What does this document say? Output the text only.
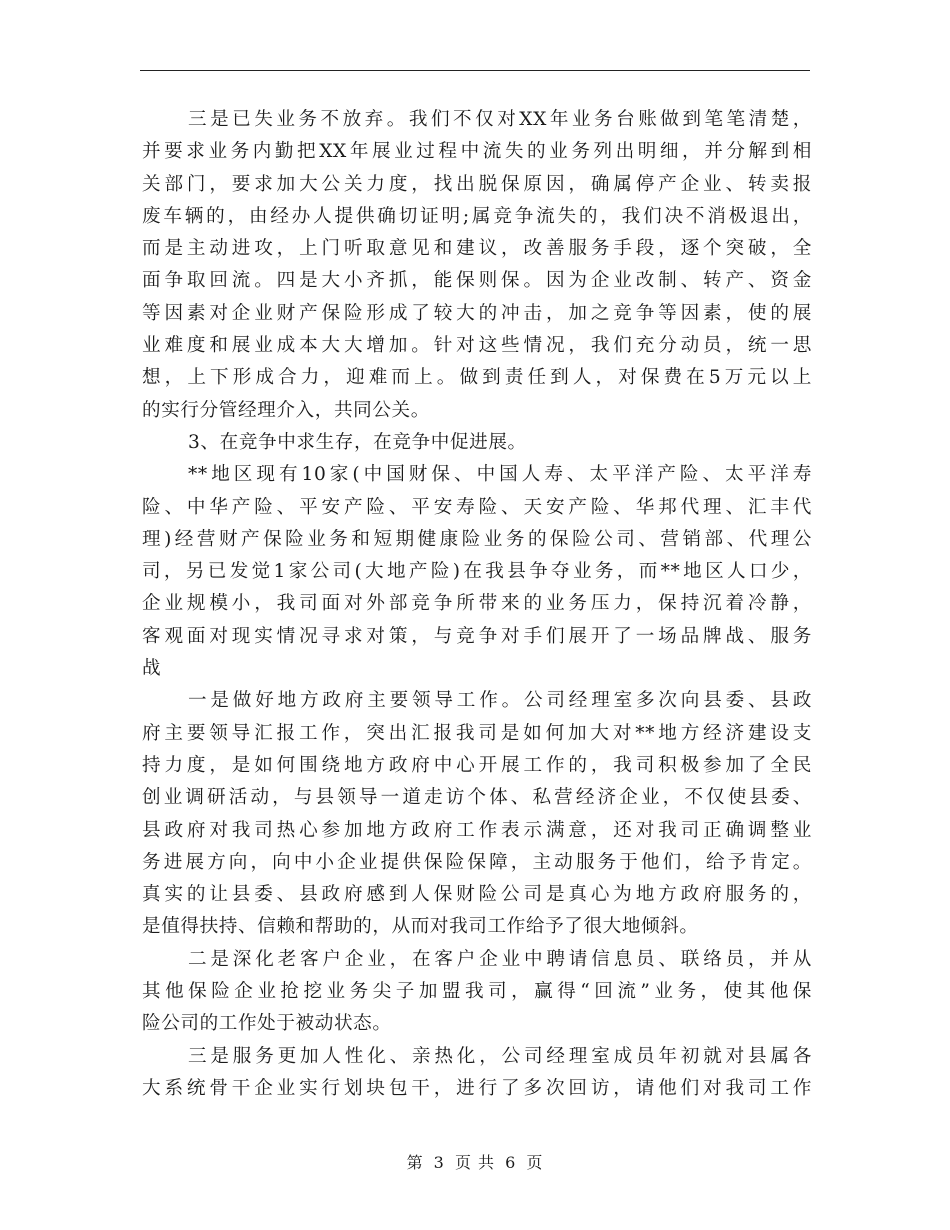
三是已失业务不放弃。我们不仅对XX年业务台账做到笔笔清楚，
并要求业务内勤把XX年展业过程中流失的业务列出明细，并分解到相
关部门，要求加大公关力度，找出脱保原因，确属停产企业、转卖报
废车辆的，由经办人提供确切证明;属竞争流失的，我们决不消极退出，
而是主动进攻，上门听取意见和建议，改善服务手段，逐个突破，全
面争取回流。四是大小齐抓，能保则保。因为企业改制、转产、资金
等因素对企业财产保险形成了较大的冲击，加之竞争等因素，使的展
业难度和展业成本大大增加。针对这些情况，我们充分动员，统一思
想，上下形成合力，迎难而上。做到责任到人，对保费在5万元以上
的实行分管经理介入，共同公关。
3、在竞争中求生存，在竞争中促进展。
**地区现有10家(中国财保、中国人寿、太平洋产险、太平洋寿
险、中华产险、平安产险、平安寿险、天安产险、华邦代理、汇丰代
理)经营财产保险业务和短期健康险业务的保险公司、营销部、代理公
司，另已发觉1家公司(大地产险)在我县争夺业务，而**地区人口少，
企业规模小，我司面对外部竞争所带来的业务压力，保持沉着冷静，
客观面对现实情况寻求对策，与竞争对手们展开了一场品牌战、服务
战
一是做好地方政府主要领导工作。公司经理室多次向县委、县政
府主要领导汇报工作，突出汇报我司是如何加大对**地方经济建设支
持力度，是如何围绕地方政府中心开展工作的，我司积极参加了全民
创业调研活动，与县领导一道走访个体、私营经济企业，不仅使县委、
县政府对我司热心参加地方政府工作表示满意，还对我司正确调整业
务进展方向，向中小企业提供保险保障，主动服务于他们，给予肯定。
真实的让县委、县政府感到人保财险公司是真心为地方政府服务的，
是值得扶持、信赖和帮助的，从而对我司工作给予了很大地倾斜。
二是深化老客户企业，在客户企业中聘请信息员、联络员，并从
其他保险企业抢挖业务尖子加盟我司，赢得“回流”业务，使其他保
险公司的工作处于被动状态。
三是服务更加人性化、亲热化，公司经理室成员年初就对县属各
大系统骨干企业实行划块包干，进行了多次回访，请他们对我司工作
第 3 页 共 6 页
